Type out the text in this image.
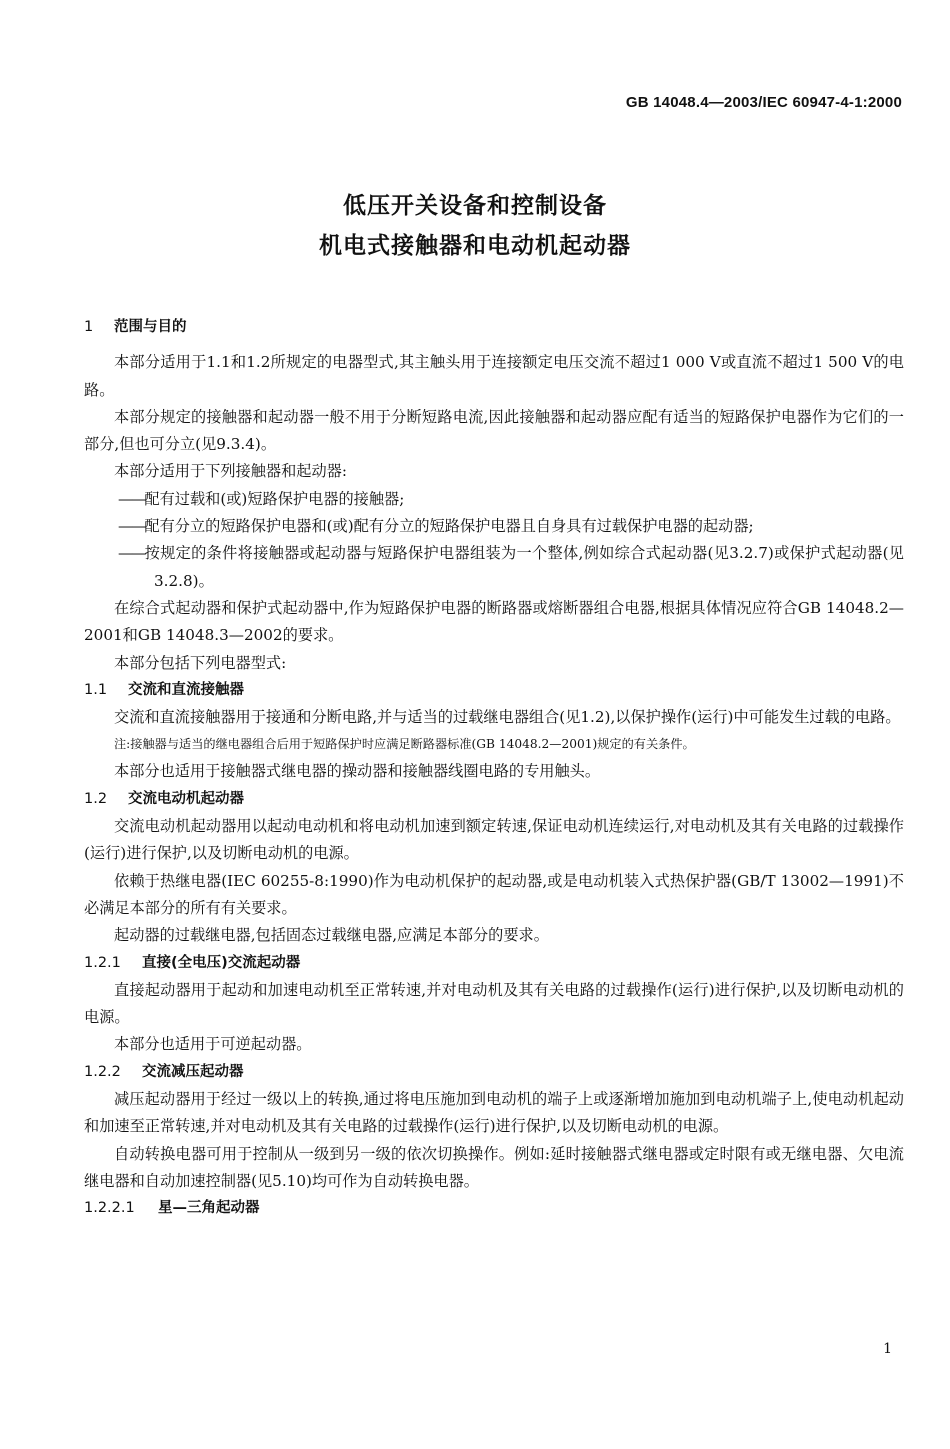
GB 14048.4—2003/IEC 60947-4-1:2000
低压开关设备和控制设备
机电式接触器和电动机起动器

1 范围与目的

本部分适用于1.1和1.2所规定的电器型式,其主触头用于连接额定电压交流不超过1 000 V或直流不超过1 500 V的电路。

本部分规定的接触器和起动器一般不用于分断短路电流,因此接触器和起动器应配有适当的短路保护电器作为它们的一部分,但也可分立(见9.3.4)。

本部分适用于下列接触器和起动器:

——配有过载和(或)短路保护电器的接触器;

——配有分立的短路保护电器和(或)配有分立的短路保护电器且自身具有过载保护电器的起动器;

——按规定的条件将接触器或起动器与短路保护电器组装为一个整体,例如综合式起动器(见3.2.7)或保护式起动器(见3.2.8)。

在综合式起动器和保护式起动器中,作为短路保护电器的断路器或熔断器组合电器,根据具体情况应符合GB 14048.2—2001和GB 14048.3—2002的要求。

本部分包括下列电器型式:

1.1 交流和直流接触器

交流和直流接触器用于接通和分断电路,并与适当的过载继电器组合(见1.2),以保护操作(运行)中可能发生过载的电路。

注:接触器与适当的继电器组合后用于短路保护时应满足断路器标准(GB 14048.2—2001)规定的有关条件。

本部分也适用于接触器式继电器的操动器和接触器线圈电路的专用触头。

1.2 交流电动机起动器

交流电动机起动器用以起动电动机和将电动机加速到额定转速,保证电动机连续运行,对电动机及其有关电路的过载操作(运行)进行保护,以及切断电动机的电源。

依赖于热继电器(IEC 60255-8:1990)作为电动机保护的起动器,或是电动机装入式热保护器(GB/T 13002—1991)不必满足本部分的所有有关要求。

起动器的过载继电器,包括固态过载继电器,应满足本部分的要求。

1.2.1 直接(全电压)交流起动器

直接起动器用于起动和加速电动机至正常转速,并对电动机及其有关电路的过载操作(运行)进行保护,以及切断电动机的电源。

本部分也适用于可逆起动器。

1.2.2 交流减压起动器

减压起动器用于经过一级以上的转换,通过将电压施加到电动机的端子上或逐渐增加施加到电动机端子上,使电动机起动和加速至正常转速,并对电动机及其有关电路的过载操作(运行)进行保护,以及切断电动机的电源。

自动转换电器可用于控制从一级到另一级的依次切换操作。例如:延时接触器式继电器或定时限有或无继电器、欠电流继电器和自动加速控制器(见5.10)均可作为自动转换电器。

1.2.2.1 星—三角起动器

1
